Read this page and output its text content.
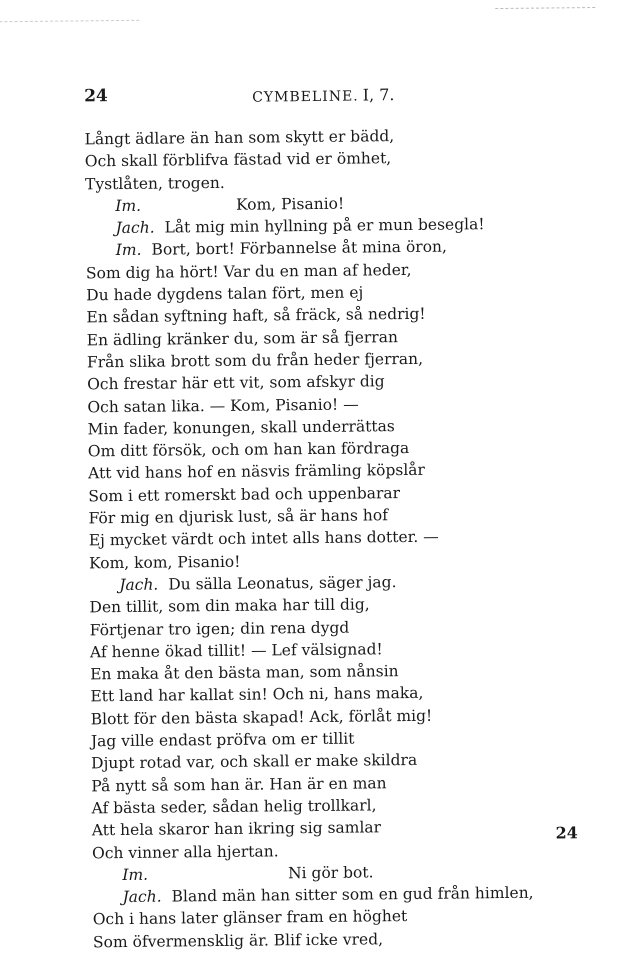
24	CYMBELINE. I, 7.
Långt ädlare än han som skytt er bädd,
Och skall förblifva fästad vid er ömhet,
Tystlåten, trogen.
Im.	Kom, Pisanio!
Jach. Låt mig min hyllning på er mun besegla!
Im. Bort, bort! Förbannelse åt mina öron,
Som dig ha hört! Var du en man af heder,
Du hade dygdens talan fört, men ej
En sådan syftning haft, så fräck, så nedrig!
En ädling kränker du, som är så fjerran
Från slika brott som du från heder fjerran,
Och frestar här ett vit, som afskyr dig
Och satan lika. — Kom, Pisanio! —
Min fader, konungen, skall underrättas
Om ditt försök, och om han kan fördraga
Att vid hans hof en näsvis främling köpslår
Som i ett romerskt bad och uppenbarar
För mig en djurisk lust, så är hans hof
Ej mycket värdt och intet alls hans dotter. —
Kom, kom, Pisanio!
Jach. Du sälla Leonatus, säger jag.
Den tillit, som din maka har till dig,
Förtjenar tro igen; din rena dygd
Af henne ökad tillit! — Lef välsignad!
En maka åt den bästa man, som nånsin
Ett land har kallat sin! Och ni, hans maka,
Blott för den bästa skapad! Ack, förlåt mig!
Jag ville endast pröfva om er tillit
Djupt rotad var, och skall er make skildra
På nytt så som han är. Han är en man
Af bästa seder, sådan helig trollkarl,
Att hela skaror han ikring sig samlar
Och vinner alla hjertan.
Im.	Ni gör bot.
Jach. Bland män han sitter som en gud från himlen,
Och i hans later glänser fram en höghet
Som öfvermensklig är. Blif icke vred,
24
